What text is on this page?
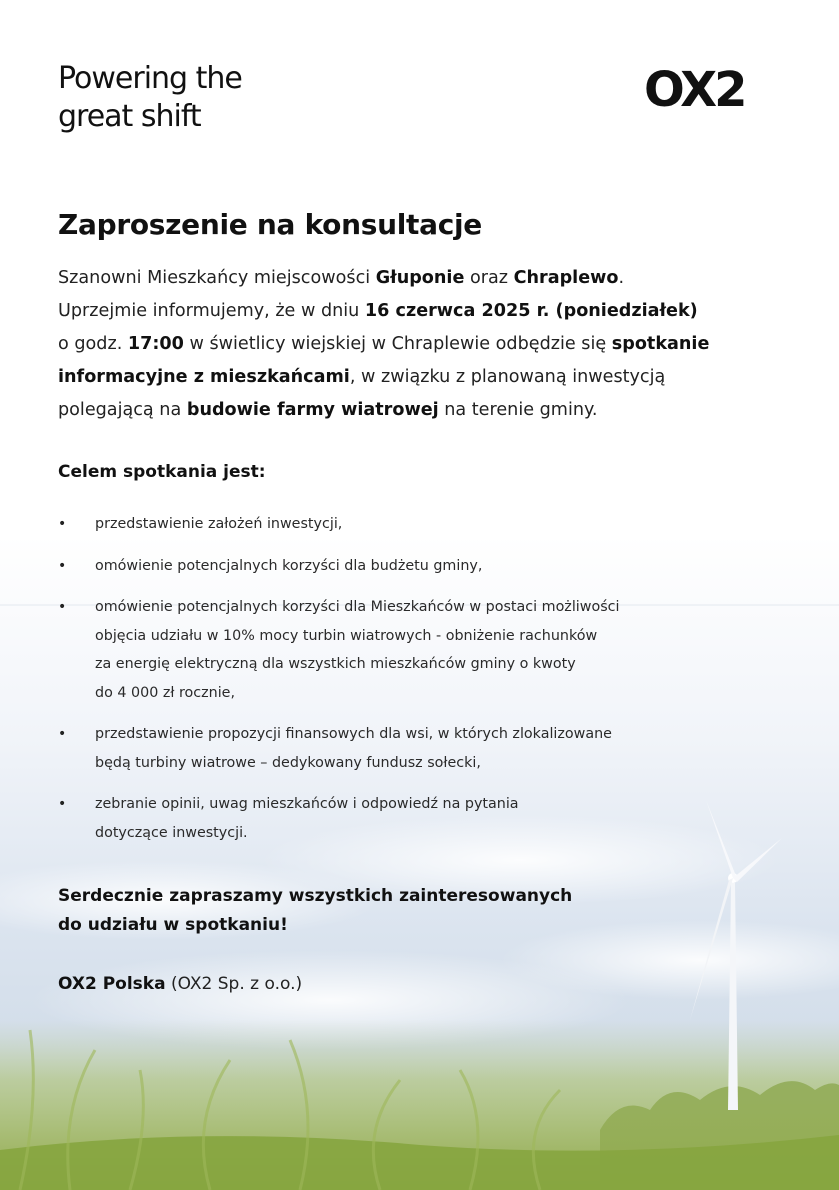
Powering the
great shift	OX2
Zaproszenie na konsultacje

Szanowni Mieszkańcy miejscowości Głuponie oraz Chraplewo.
Uprzejmie informujemy, że w dniu 16 czerwca 2025 r. (poniedziałek)
o godz. 17:00 w świetlicy wiejskiej w Chraplewie odbędzie się spotkanie
informacyjne z mieszkańcami, w związku z planowaną inwestycją
polegającą na budowie farmy wiatrowej na terenie gminy.

Celem spotkania jest:
• przedstawienie założeń inwestycji,
• omówienie potencjalnych korzyści dla budżetu gminy,
• omówienie potencjalnych korzyści dla Mieszkańców w postaci możliwości
objęcia udziału w 10% mocy turbin wiatrowych - obniżenie rachunków
za energię elektryczną dla wszystkich mieszkańców gminy o kwoty
do 4 000 zł rocznie,
• przedstawienie propozycji finansowych dla wsi, w których zlokalizowane
będą turbiny wiatrowe – dedykowany fundusz sołecki,
• zebranie opinii, uwag mieszkańców i odpowiedź na pytania
dotyczące inwestycji.

Serdecznie zapraszamy wszystkich zainteresowanych
do udziału w spotkaniu!

OX2 Polska (OX2 Sp. z o.o.)
